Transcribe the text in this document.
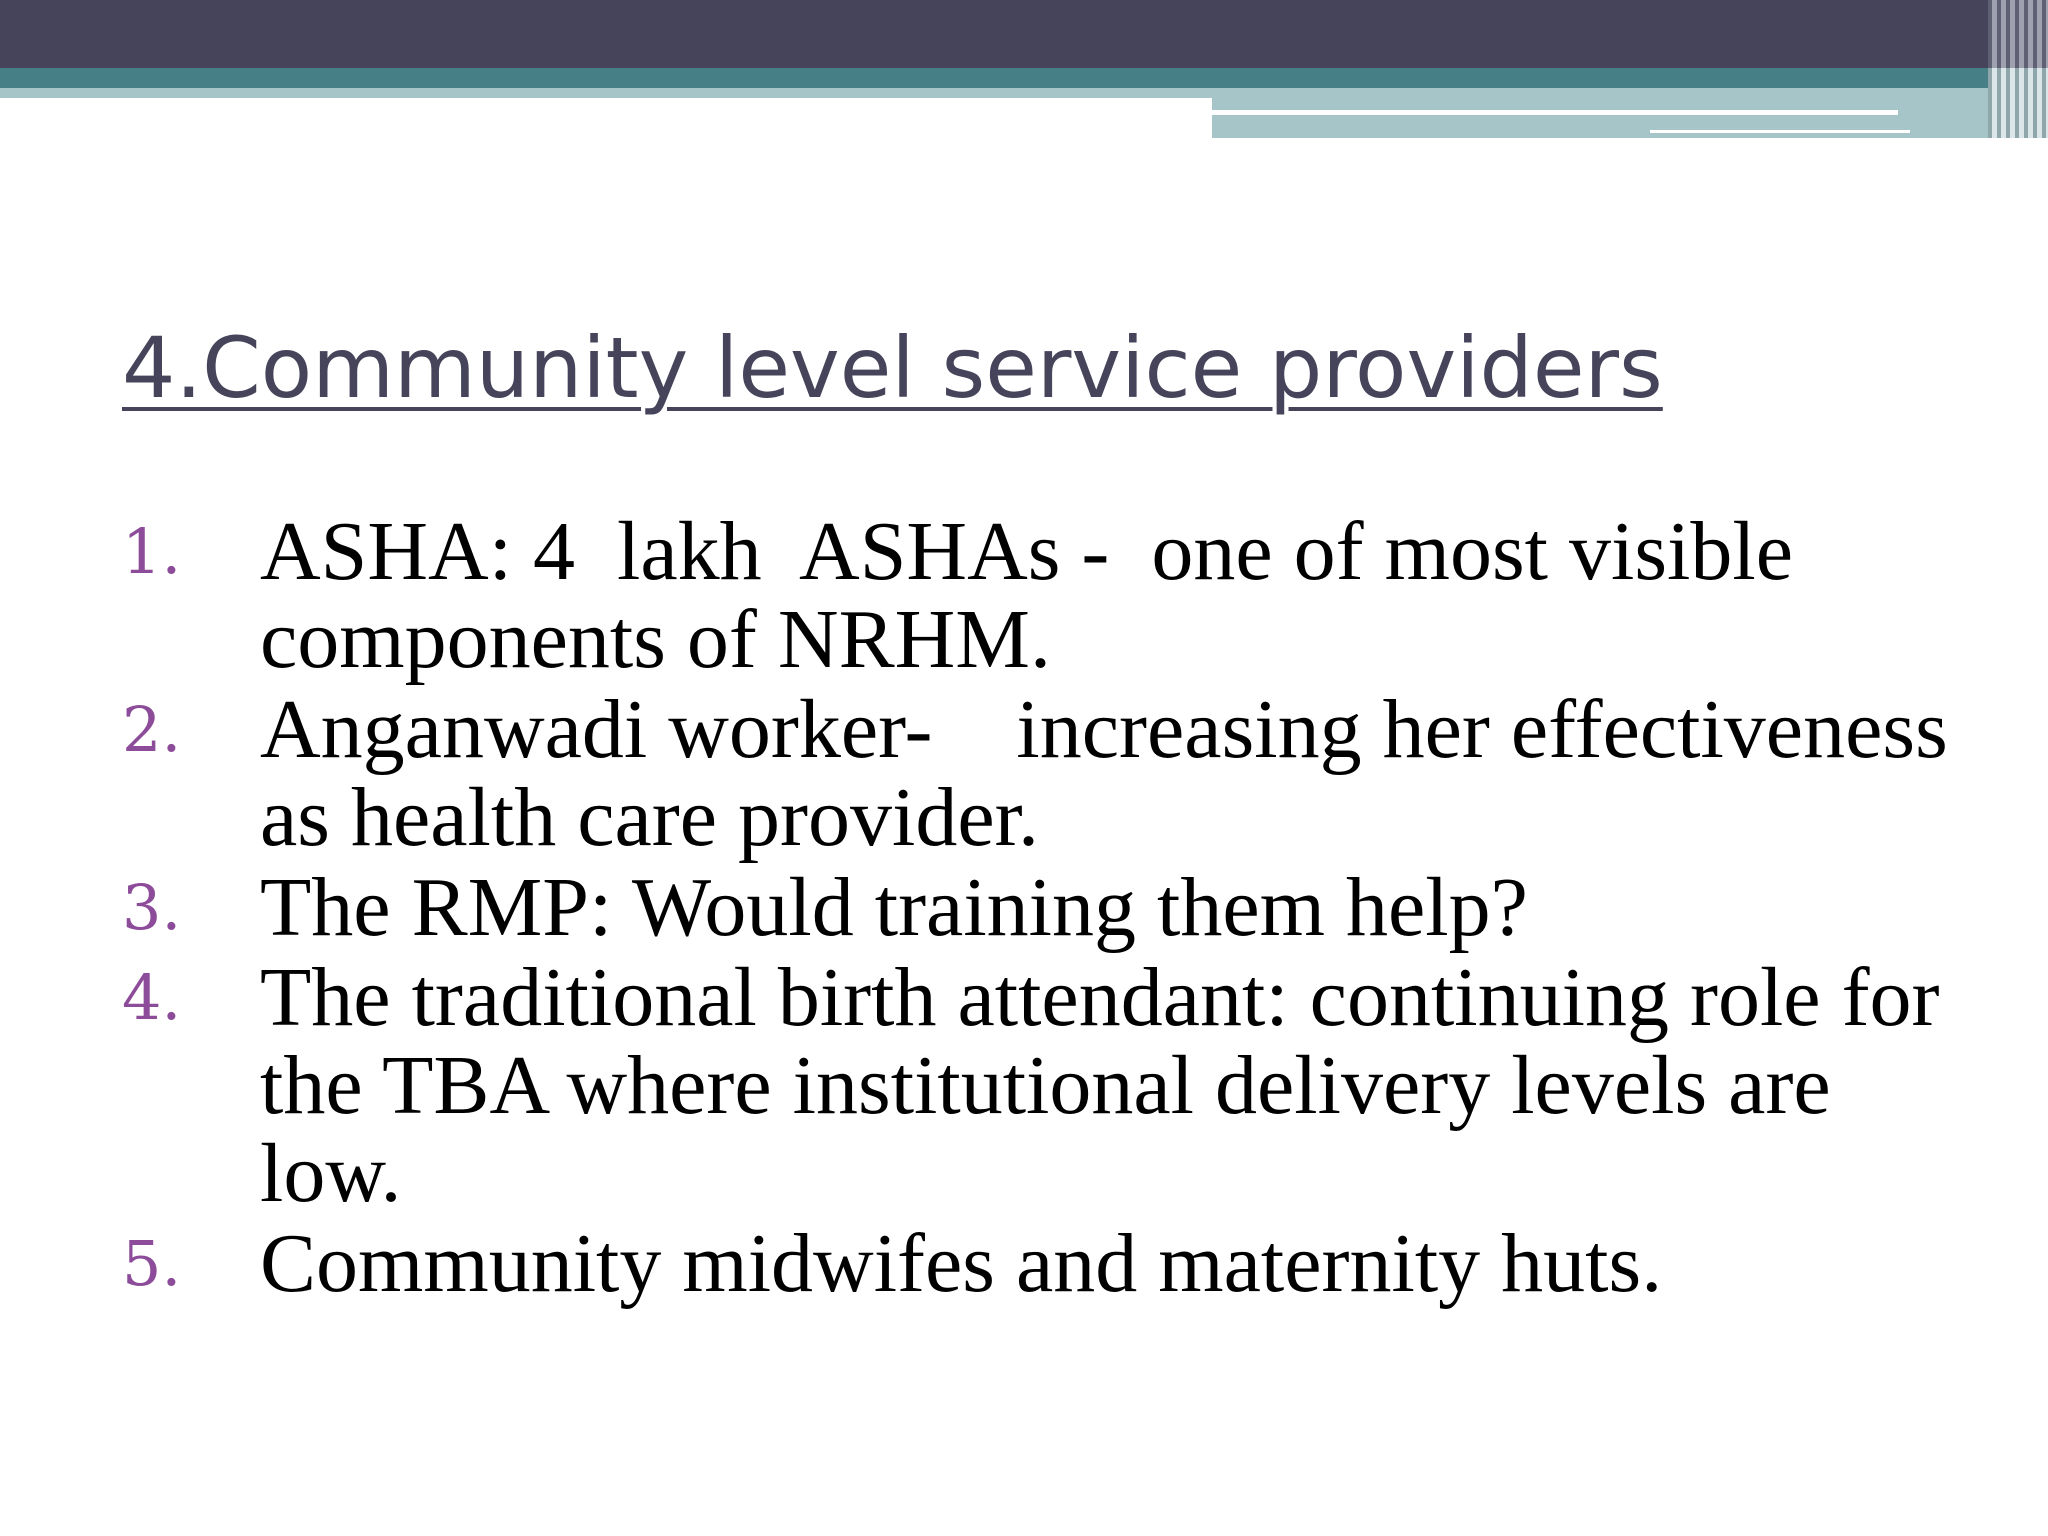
4.Community level service providers
1. ASHA: 4  lakh  ASHAs -  one of most visible components of NRHM.
2. Anganwadi worker-    increasing her effectiveness as health care provider.
3. The RMP: Would training them help?
4. The traditional birth attendant: continuing role for the TBA where institutional delivery levels are low.
5. Community midwifes and maternity huts.
